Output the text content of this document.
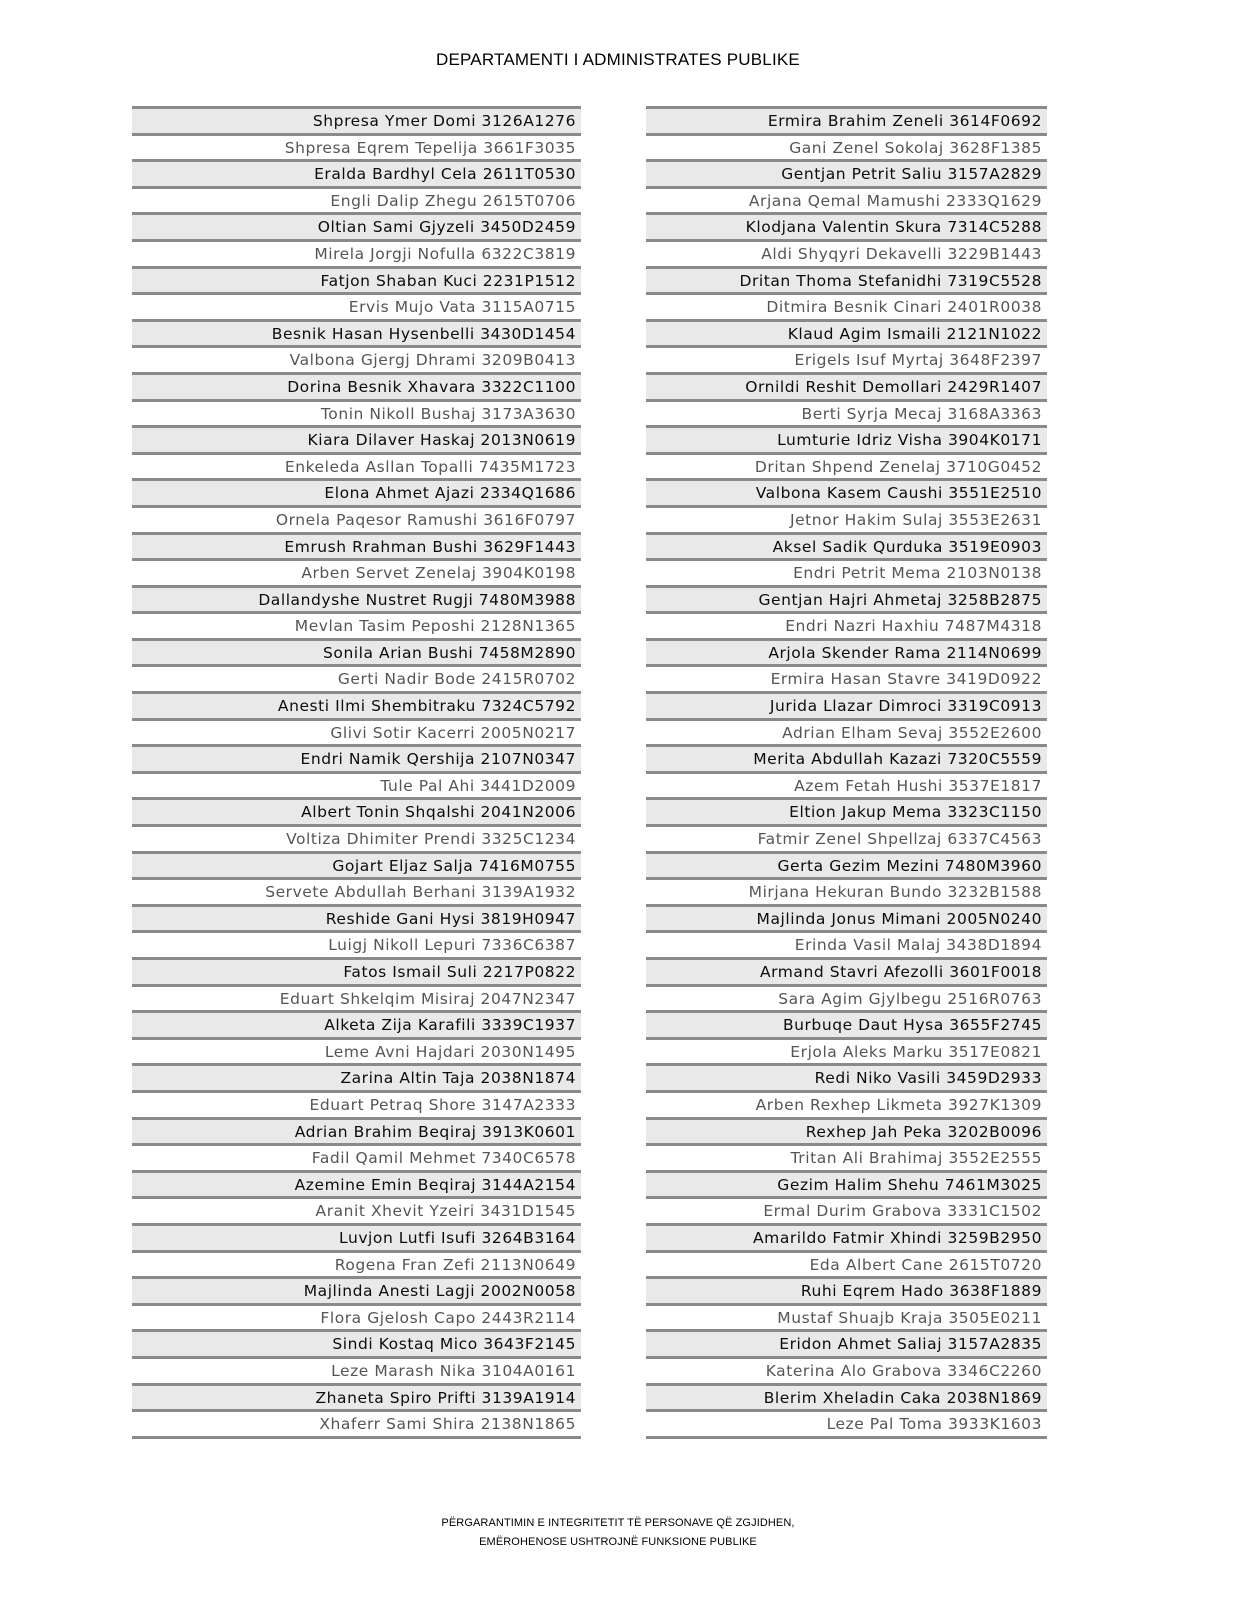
DEPARTAMENTI I ADMINISTRATES PUBLIKE
Shpresa Ymer Domi 3126A1276
Shpresa Eqrem Tepelija 3661F3035
Eralda Bardhyl Cela 2611T0530
Engli Dalip Zhegu 2615T0706
Oltian Sami Gjyzeli 3450D2459
Mirela Jorgji Nofulla 6322C3819
Fatjon Shaban Kuci 2231P1512
Ervis Mujo Vata 3115A0715
Besnik Hasan Hysenbelli 3430D1454
Valbona Gjergj Dhrami 3209B0413
Dorina Besnik Xhavara 3322C1100
Tonin Nikoll Bushaj 3173A3630
Kiara Dilaver Haskaj 2013N0619
Enkeleda Asllan Topalli 7435M1723
Elona Ahmet Ajazi 2334Q1686
Ornela Paqesor Ramushi 3616F0797
Emrush Rrahman Bushi 3629F1443
Arben Servet Zenelaj 3904K0198
Dallandyshe Nustret Rugji 7480M3988
Mevlan Tasim Peposhi 2128N1365
Sonila Arian Bushi 7458M2890
Gerti Nadir Bode 2415R0702
Anesti Ilmi Shembitraku 7324C5792
Glivi Sotir Kacerri 2005N0217
Endri Namik Qershija 2107N0347
Tule Pal Ahi 3441D2009
Albert Tonin Shqalshi 2041N2006
Voltiza Dhimiter Prendi 3325C1234
Gojart Eljaz Salja 7416M0755
Servete Abdullah Berhani 3139A1932
Reshide Gani Hysi 3819H0947
Luigj Nikoll Lepuri 7336C6387
Fatos Ismail Suli 2217P0822
Eduart Shkelqim Misiraj 2047N2347
Alketa Zija Karafili 3339C1937
Leme Avni Hajdari 2030N1495
Zarina Altin Taja 2038N1874
Eduart Petraq Shore 3147A2333
Adrian Brahim Beqiraj 3913K0601
Fadil Qamil Mehmet 7340C6578
Azemine Emin Beqiraj 3144A2154
Aranit Xhevit Yzeiri 3431D1545
Luvjon Lutfi Isufi 3264B3164
Rogena Fran Zefi 2113N0649
Majlinda Anesti Lagji 2002N0058
Flora Gjelosh Capo 2443R2114
Sindi Kostaq Mico 3643F2145
Leze Marash Nika 3104A0161
Zhaneta Spiro Prifti 3139A1914
Xhaferr Sami Shira 2138N1865
Ermira Brahim Zeneli 3614F0692
Gani Zenel Sokolaj 3628F1385
Gentjan Petrit Saliu 3157A2829
Arjana Qemal Mamushi 2333Q1629
Klodjana Valentin Skura 7314C5288
Aldi Shyqyri Dekavelli 3229B1443
Dritan Thoma Stefanidhi 7319C5528
Ditmira Besnik Cinari 2401R0038
Klaud Agim Ismaili 2121N1022
Erigels Isuf Myrtaj 3648F2397
Ornildi Reshit Demollari 2429R1407
Berti Syrja Mecaj 3168A3363
Lumturie Idriz Visha 3904K0171
Dritan Shpend Zenelaj 3710G0452
Valbona Kasem Caushi 3551E2510
Jetnor Hakim Sulaj 3553E2631
Aksel Sadik Qurduka 3519E0903
Endri Petrit Mema 2103N0138
Gentjan Hajri Ahmetaj 3258B2875
Endri Nazri Haxhiu 7487M4318
Arjola Skender Rama 2114N0699
Ermira Hasan Stavre 3419D0922
Jurida Llazar Dimroci 3319C0913
Adrian Elham Sevaj 3552E2600
Merita Abdullah Kazazi 7320C5559
Azem Fetah Hushi 3537E1817
Eltion Jakup Mema 3323C1150
Fatmir Zenel Shpellzaj 6337C4563
Gerta Gezim Mezini 7480M3960
Mirjana Hekuran Bundo 3232B1588
Majlinda Jonus Mimani 2005N0240
Erinda Vasil Malaj 3438D1894
Armand Stavri Afezolli 3601F0018
Sara Agim Gjylbegu 2516R0763
Burbuqe Daut Hysa 3655F2745
Erjola Aleks Marku 3517E0821
Redi Niko Vasili 3459D2933
Arben Rexhep Likmeta 3927K1309
Rexhep Jah Peka 3202B0096
Tritan Ali Brahimaj 3552E2555
Gezim Halim Shehu 7461M3025
Ermal Durim Grabova 3331C1502
Amarildo Fatmir Xhindi 3259B2950
Eda Albert Cane 2615T0720
Ruhi Eqrem Hado 3638F1889
Mustaf Shuajb Kraja 3505E0211
Eridon Ahmet Saliaj 3157A2835
Katerina Alo Grabova 3346C2260
Blerim Xheladin Caka 2038N1869
Leze Pal Toma 3933K1603
PËRGARANTIMIN E INTEGRITETIT TË PERSONAVE QË ZGJIDHEN,
EMËROHENOSE USHTROJNË FUNKSIONE PUBLIKE
